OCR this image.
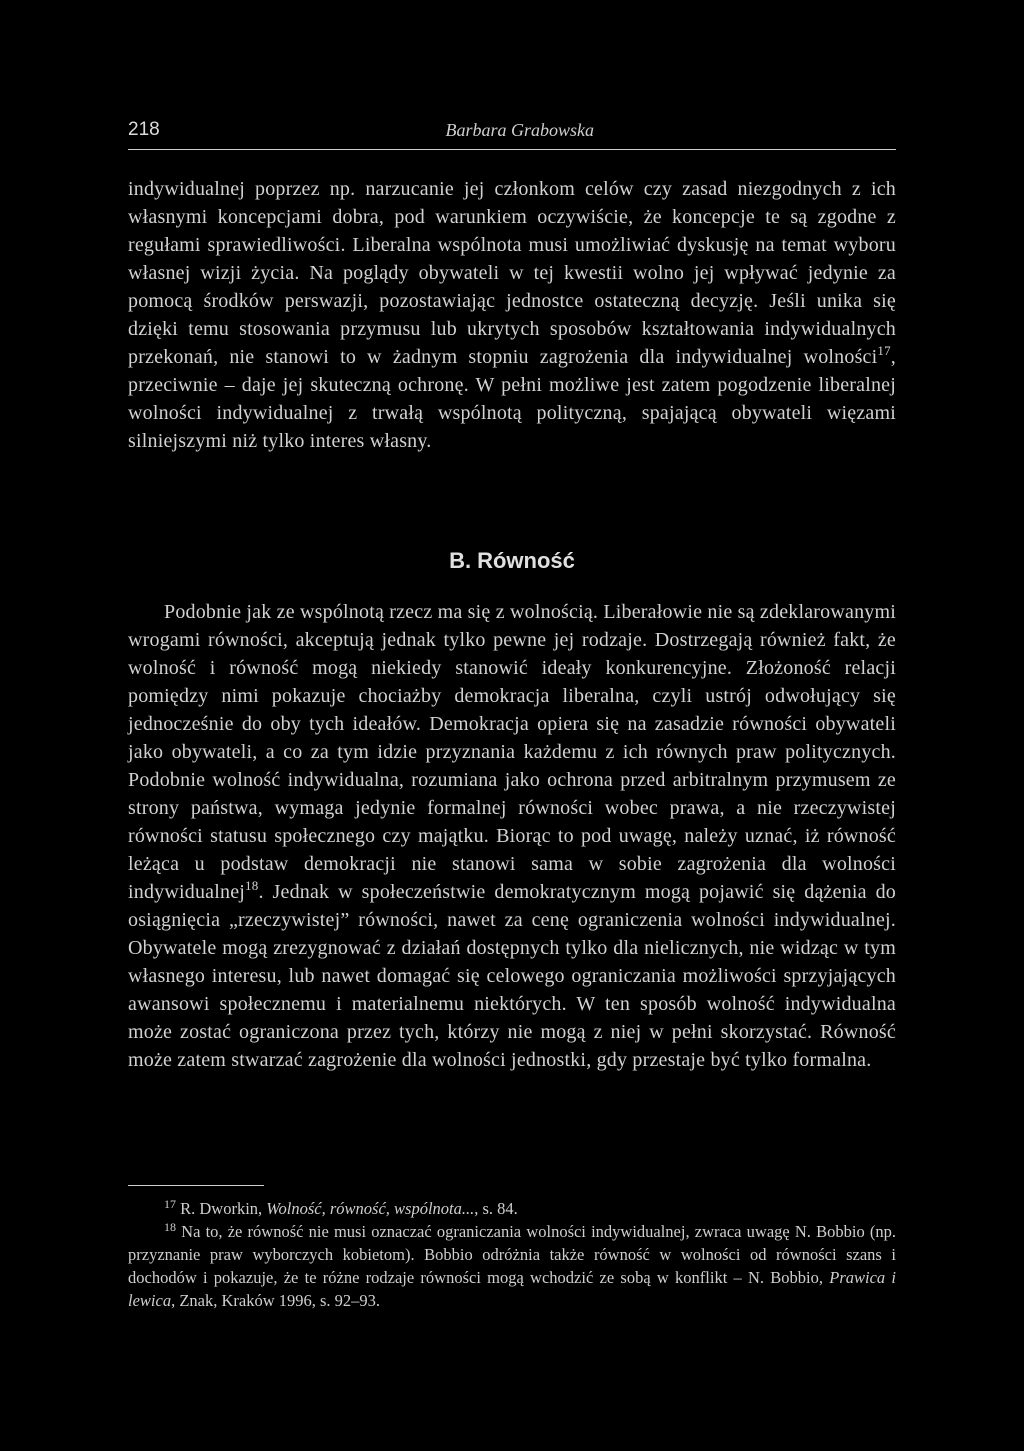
218	Barbara Grabowska

indywidualnej poprzez np. narzucanie jej członkom celów czy zasad niezgodnych z ich własnymi koncepcjami dobra, pod warunkiem oczywiście, że koncepcje te są zgodne z regułami sprawiedliwości. Liberalna wspólnota musi umożliwiać dyskusję na temat wyboru własnej wizji życia. Na poglądy obywateli w tej kwestii wolno jej wpływać jedynie za pomocą środków perswazji, pozostawiając jednostce ostateczną decyzję. Jeśli unika się dzięki temu stosowania przymusu lub ukrytych sposobów kształtowania indywidualnych przekonań, nie stanowi to w żadnym stopniu zagrożenia dla indywidualnej wolności$^{17}$, przeciwnie – daje jej skuteczną ochronę. W pełni możliwe jest zatem pogodzenie liberalnej wolności indywidualnej z trwałą wspólnotą polityczną, spajającą obywateli więzami silniejszymi niż tylko interes własny.

B. Równość

Podobnie jak ze wspólnotą rzecz ma się z wolnością. Liberałowie nie są zdeklarowanymi wrogami równości, akceptują jednak tylko pewne jej rodzaje. Dostrzegają również fakt, że wolność i równość mogą niekiedy stanowić ideały konkurencyjne. Złożoność relacji pomiędzy nimi pokazuje chociażby demokracja liberalna, czyli ustrój odwołujący się jednocześnie do oby tych ideałów. Demokracja opiera się na zasadzie równości obywateli jako obywateli, a co za tym idzie przyznania każdemu z ich równych praw politycznych. Podobnie wolność indywidualna, rozumiana jako ochrona przed arbitralnym przymusem ze strony państwa, wymaga jedynie formalnej równości wobec prawa, a nie rzeczywistej równości statusu społecznego czy majątku. Biorąc to pod uwagę, należy uznać, iż równość leżąca u podstaw demokracji nie stanowi sama w sobie zagrożenia dla wolności indywidualnej$^{18}$. Jednak w społeczeństwie demokratycznym mogą pojawić się dążenia do osiągnięcia „rzeczywistej” równości, nawet za cenę ograniczenia wolności indywidualnej. Obywatele mogą zrezygnować z działań dostępnych tylko dla nielicznych, nie widząc w tym własnego interesu, lub nawet domagać się celowego ograniczania możliwości sprzyjających awansowi społecznemu i materialnemu niektórych. W ten sposób wolność indywidualna może zostać ograniczona przez tych, którzy nie mogą z niej w pełni skorzystać. Równość może zatem stwarzać zagrożenie dla wolności jednostki, gdy przestaje być tylko formalna.

$^{17}$ R. Dworkin, Wolność, równość, wspólnota..., s. 84.

$^{18}$ Na to, że równość nie musi oznaczać ograniczania wolności indywidualnej, zwraca uwagę N. Bobbio (np. przyznanie praw wyborczych kobietom). Bobbio odróżnia także równość w wolności od równości szans i dochodów i pokazuje, że te różne rodzaje równości mogą wchodzić ze sobą w konflikt – N. Bobbio, Prawica i lewica, Znak, Kraków 1996, s. 92–93.
